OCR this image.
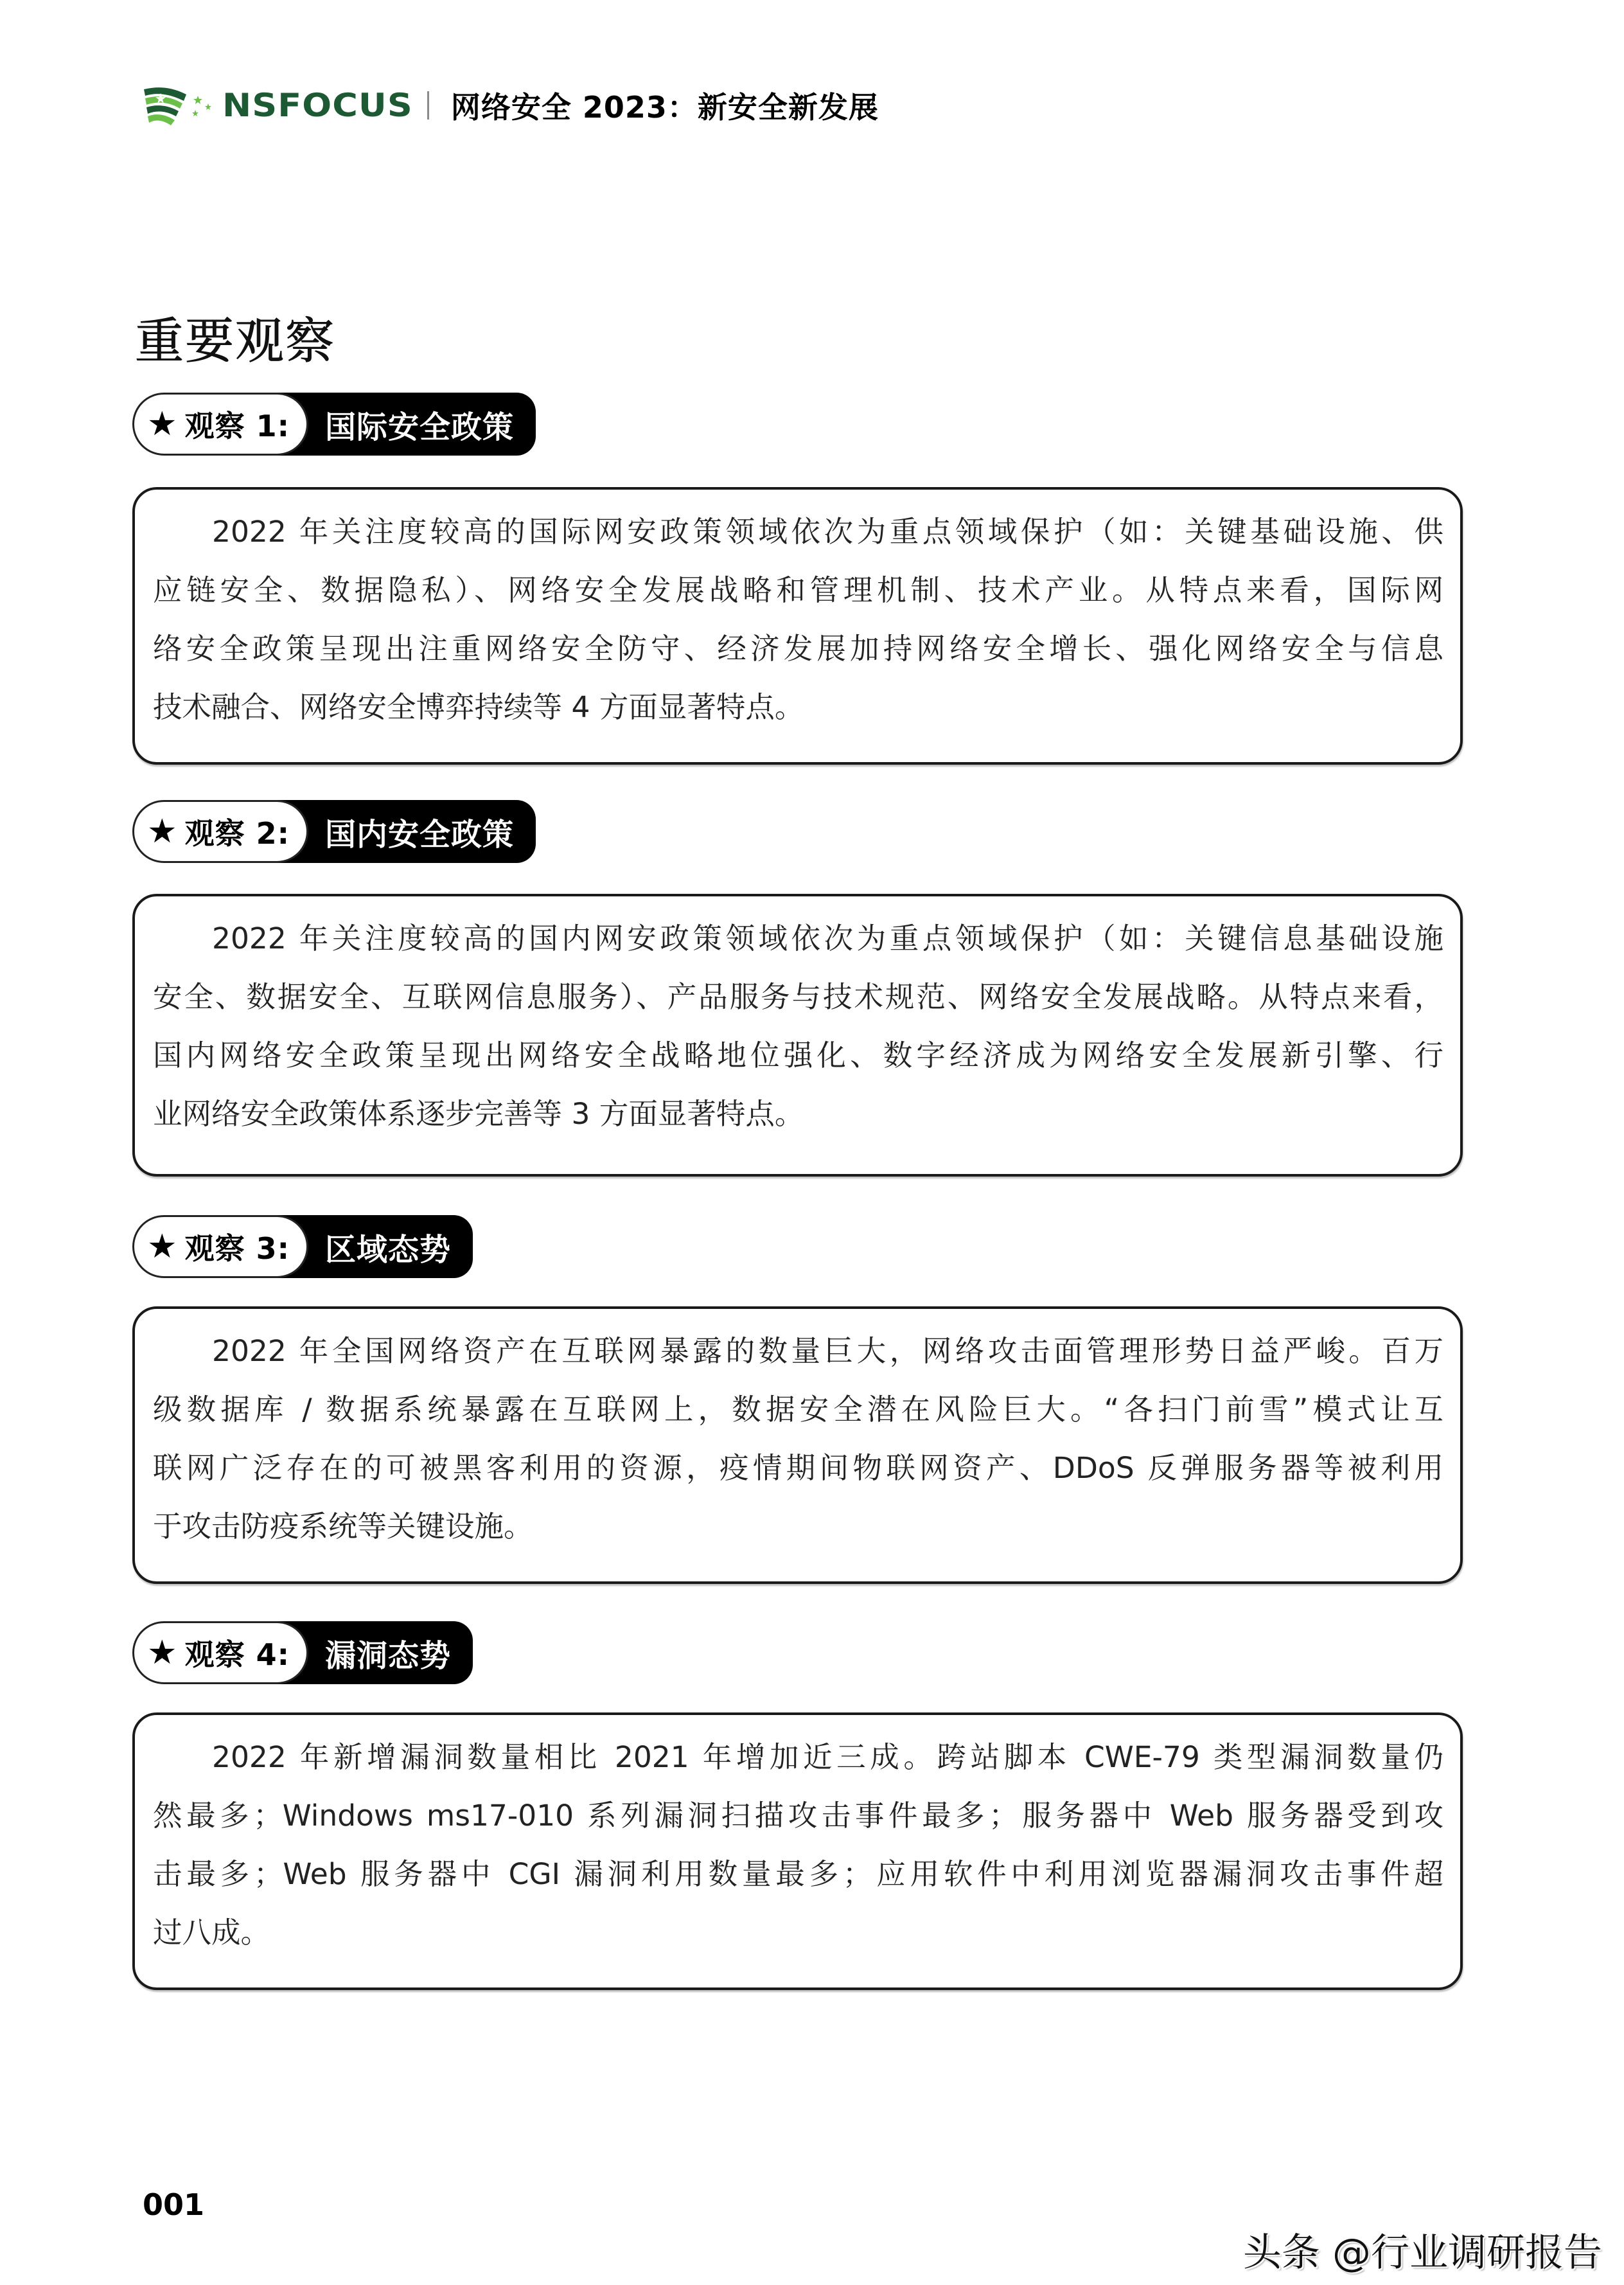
NSFOCUS 网络安全 2023：新安全新发展
重要观察
★ 观察 1:	国际安全政策
2022 年关注度较高的国际网安政策领域依次为重点领域保护（如：关键基础设施、供
应链安全、数据隐私）、网络安全发展战略和管理机制、技术产业。从特点来看，国际网
络安全政策呈现出注重网络安全防守、经济发展加持网络安全增长、强化网络安全与信息
技术融合、网络安全博弈持续等 4 方面显著特点。
★ 观察 2:	国内安全政策
2022 年关注度较高的国内网安政策领域依次为重点领域保护（如：关键信息基础设施
安全、数据安全、互联网信息服务）、产品服务与技术规范、网络安全发展战略。从特点来看，
国内网络安全政策呈现出网络安全战略地位强化、数字经济成为网络安全发展新引擎、行
业网络安全政策体系逐步完善等 3 方面显著特点。
★ 观察 3:	区域态势
2022 年全国网络资产在互联网暴露的数量巨大，网络攻击面管理形势日益严峻。百万
级数据库 / 数据系统暴露在互联网上，数据安全潜在风险巨大。“各扫门前雪”模式让互
联网广泛存在的可被黑客利用的资源，疫情期间物联网资产、DDoS 反弹服务器等被利用
于攻击防疫系统等关键设施。
★ 观察 4:	漏洞态势
2022 年新增漏洞数量相比 2021 年增加近三成。跨站脚本 CWE-79 类型漏洞数量仍
然最多；Windows ms17-010 系列漏洞扫描攻击事件最多；服务器中 Web 服务器受到攻
击最多；Web 服务器中 CGI 漏洞利用数量最多；应用软件中利用浏览器漏洞攻击事件超
过八成。
001
头条 @行业调研报告
